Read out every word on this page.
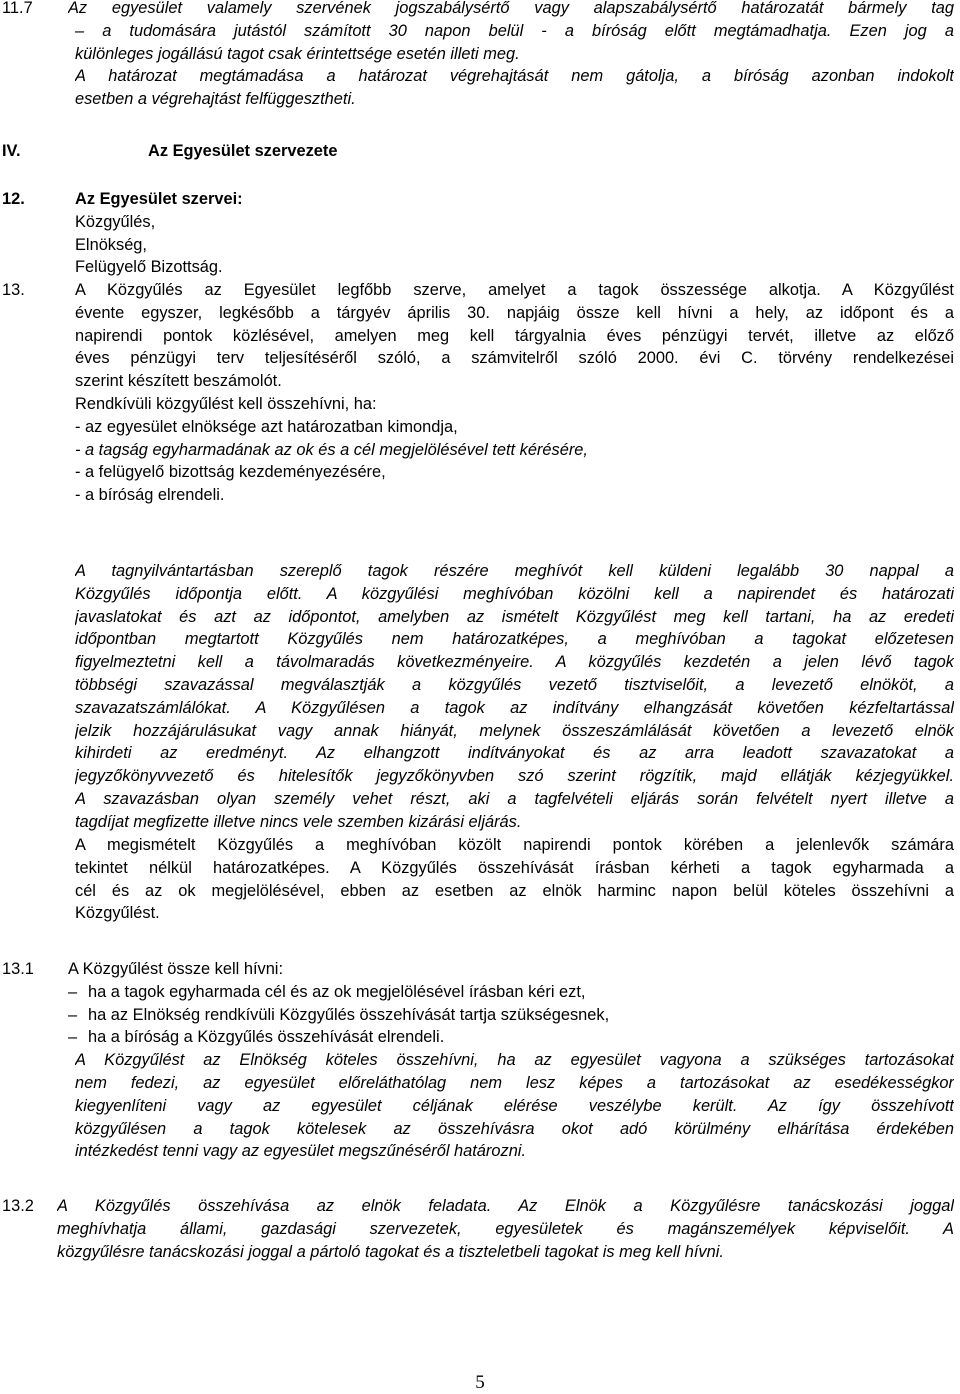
11.7 Az egyesület valamely szervének jogszabálysértő vagy alapszabálysértő határozatát bármely tag
– a tudomására jutástól számított 30 napon belül - a bíróság előtt megtámadhatja. Ezen jog a
különleges jogállású tagot csak érintettsége esetén illeti meg.
A határozat megtámadása a határozat végrehajtását nem gátolja, a bíróság azonban indokolt
esetben a végrehajtást felfüggesztheti.
IV.	Az Egyesület szervezete
12.	Az Egyesület szervei:
Közgyűlés,
Elnökség,
Felügyelő Bizottság.
13.	A Közgyűlés az Egyesület legfőbb szerve, amelyet a tagok összessége alkotja. A Közgyűlést
évente egyszer, legkésőbb a tárgyév április 30. napjáig össze kell hívni a hely, az időpont és a
napirendi pontok közlésével, amelyen meg kell tárgyalnia éves pénzügyi tervét, illetve az előző
éves pénzügyi terv teljesítéséről szóló, a számvitelről szóló 2000. évi C. törvény rendelkezései
szerint készített beszámolót.
Rendkívüli közgyűlést kell összehívni, ha:
- az egyesület elnöksége azt határozatban kimondja,
- a tagság egyharmadának az ok és a cél megjelölésével tett kérésére,
- a felügyelő bizottság kezdeményezésére,
- a bíróság elrendeli.
A tagnyilvántartásban szereplő tagok részére meghívót kell küldeni legalább 30 nappal a
Közgyűlés időpontja előtt. A közgyűlési meghívóban közölni kell a napirendet és határozati
javaslatokat és azt az időpontot, amelyben az ismételt Közgyűlést meg kell tartani, ha az eredeti
időpontban megtartott Közgyűlés nem határozatképes, a meghívóban a tagokat előzetesen
figyelmeztetni kell a távolmaradás következményeire. A közgyűlés kezdetén a jelen lévő tagok
többségi szavazással megválasztják a közgyűlés vezető tisztviselőit, a levezető elnököt, a
szavazatszámlálókat. A Közgyűlésen a tagok az indítvány elhangzását követően kézfeltartással
jelzik hozzájárulásukat vagy annak hiányát, melynek összeszámlálását követően a levezető elnök
kihirdeti az eredményt. Az elhangzott indítványokat és az arra leadott szavazatokat a
jegyzőkönyvvezető és hitelesítők jegyzőkönyvben szó szerint rögzítik, majd ellátják kézjegyükkel.
A szavazásban olyan személy vehet részt, aki a tagfelvételi eljárás során felvételt nyert illetve a
tagdíjat megfizette illetve nincs vele szemben kizárási eljárás.
A megismételt Közgyűlés a meghívóban közölt napirendi pontok körében a jelenlevők számára
tekintet nélkül határozatképes. A Közgyűlés összehívását írásban kérheti a tagok egyharmada a
cél és az ok megjelölésével, ebben az esetben az elnök harminc napon belül köteles összehívni a
Közgyűlést.
13.1 A Közgyűlést össze kell hívni:
– ha a tagok egyharmada cél és az ok megjelölésével írásban kéri ezt,
– ha az Elnökség rendkívüli Közgyűlés összehívását tartja szükségesnek,
– ha a bíróság a Közgyűlés összehívását elrendeli.
A Közgyűlést az Elnökség köteles összehívni, ha az egyesület vagyona a szükséges tartozásokat
nem fedezi, az egyesület előreláthatólag nem lesz képes a tartozásokat az esedékességkor
kiegyenlíteni vagy az egyesület céljának elérése veszélybe került. Az így összehívott
közgyűlésen a tagok kötelesek az összehívásra okot adó körülmény elhárítása érdekében
intézkedést tenni vagy az egyesület megszűnéséről határozni.
13.2 A Közgyűlés összehívása az elnök feladata. Az Elnök a Közgyűlésre tanácskozási joggal
meghívhatja állami, gazdasági szervezetek, egyesületek és magánszemélyek képviselőit. A
közgyűlésre tanácskozási joggal a pártoló tagokat és a tiszteletbeli tagokat is meg kell hívni.
5
